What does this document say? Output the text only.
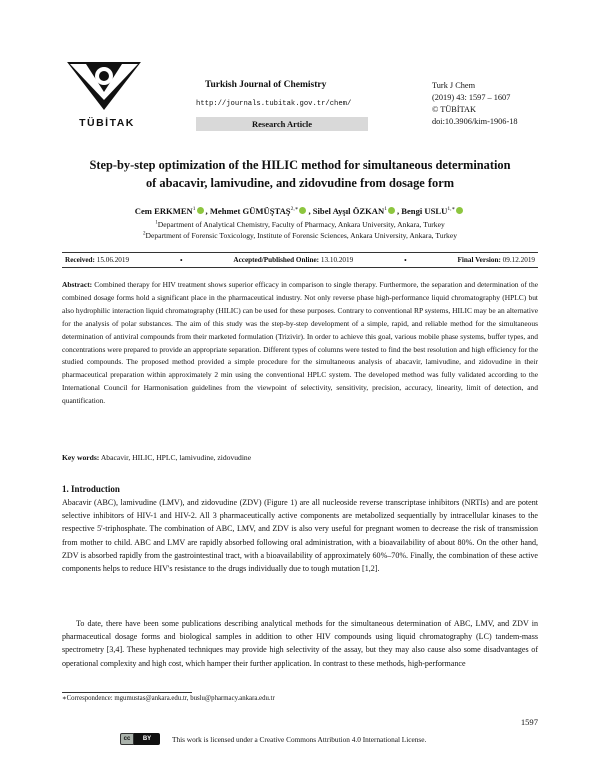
TÜBİTAK
Turkish Journal of Chemistry
http://journals.tubitak.gov.tr/chem/
Research Article
Turk J Chem
(2019) 43: 1597 – 1607
© TÜBİTAK
doi:10.3906/kim-1906-18
Step-by-step optimization of the HILIC method for simultaneous determination
of abacavir, lamivudine, and zidovudine from dosage form
Cem ERKMEN$^1$ , Mehmet $GÜMÜŞTAŞ^{2,∗}$ , Sibel Ayşıl ÖZKAN$^1$ , Bengi $USLU^{1,∗}$
$^1$Department of Analytical Chemistry, Faculty of Pharmacy, Ankara University, Ankara, Turkey
$^2$Department of Forensic Toxicology, Institute of Forensic Sciences, Ankara University, Ankara, Turkey
Received: 15.06.2019	•	Accepted/Published Online: 13.10.2019	•	Final Version: 09.12.2019
Abstract: Combined therapy for HIV treatment shows superior efficacy in comparison to single therapy. Furthermore, the separation and determination of the combined dosage forms hold a significant place in the pharmaceutical industry. Not only reverse phase high-performance liquid chromatography (HPLC) but also hydrophilic interaction liquid chromatography (HILIC) can be used for these purposes. Contrary to conventional RP systems, HILIC may be an alternative for the analysis of polar substances. The aim of this study was the step-by-step development of a simple, rapid, and reliable method for the simultaneous determination of antiviral compounds from their marketed formulation (Trizivir). In order to achieve this goal, various mobile phase systems, buffer types, and concentrations were prepared to provide an appropriate separation. Different types of columns were tested to find the best resolution and high efficiency for the studied compounds. The proposed method provided a simple procedure for the simultaneous analysis of abacavir, lamivudine, and zidovudine in their pharmaceutical preparation within approximately 2 min using the conventional HPLC system. The developed method was fully validated according to the International Council for Harmonisation guidelines from the viewpoint of selectivity, sensitivity, precision, accuracy, linearity, limit of detection, and quantification.
Key words: Abacavir, HILIC, HPLC, lamivudine, zidovudine
1. Introduction

Abacavir (ABC), lamivudine (LMV), and zidovudine (ZDV) (Figure 1) are all nucleoside reverse transcriptase inhibitors (NRTIs) and are potent selective inhibitors of HIV-1 and HIV-2. All 3 pharmaceutically active components are metabolized sequentially by intracellular kinases to the respective 5'-triphosphate. The combination of ABC, LMV, and ZDV is also very useful for pregnant women to decrease the risk of transmission from mother to child. ABC and LMV are rapidly absorbed following oral administration, with a bioavailability of about 80%. On the other hand, ZDV is absorbed rapidly from the gastrointestinal tract, with a bioavailability of approximately 60%–70%. Finally, the combination of these active components helps to reduce HIV's resistance to the drugs individually due to tough mutation [1,2].

To date, there have been some publications describing analytical methods for the simultaneous determination of ABC, LMV, and ZDV in pharmaceutical dosage forms and biological samples in addition to other HIV compounds using liquid chromatography (LC) tandem-mass spectrometry [3,4]. These hyphenated techniques may provide high selectivity of the assay, but they may also cause also some disadvantages of operational complexity and high cost, which hamper their further application. In contrast to these methods, high-performance

∗Correspondence: mgumustas@ankara.edu.tr, buslu@pharmacy.ankara.edu.tr
1597
cc	BY	This work is licensed under a Creative Commons Attribution 4.0 International License.
